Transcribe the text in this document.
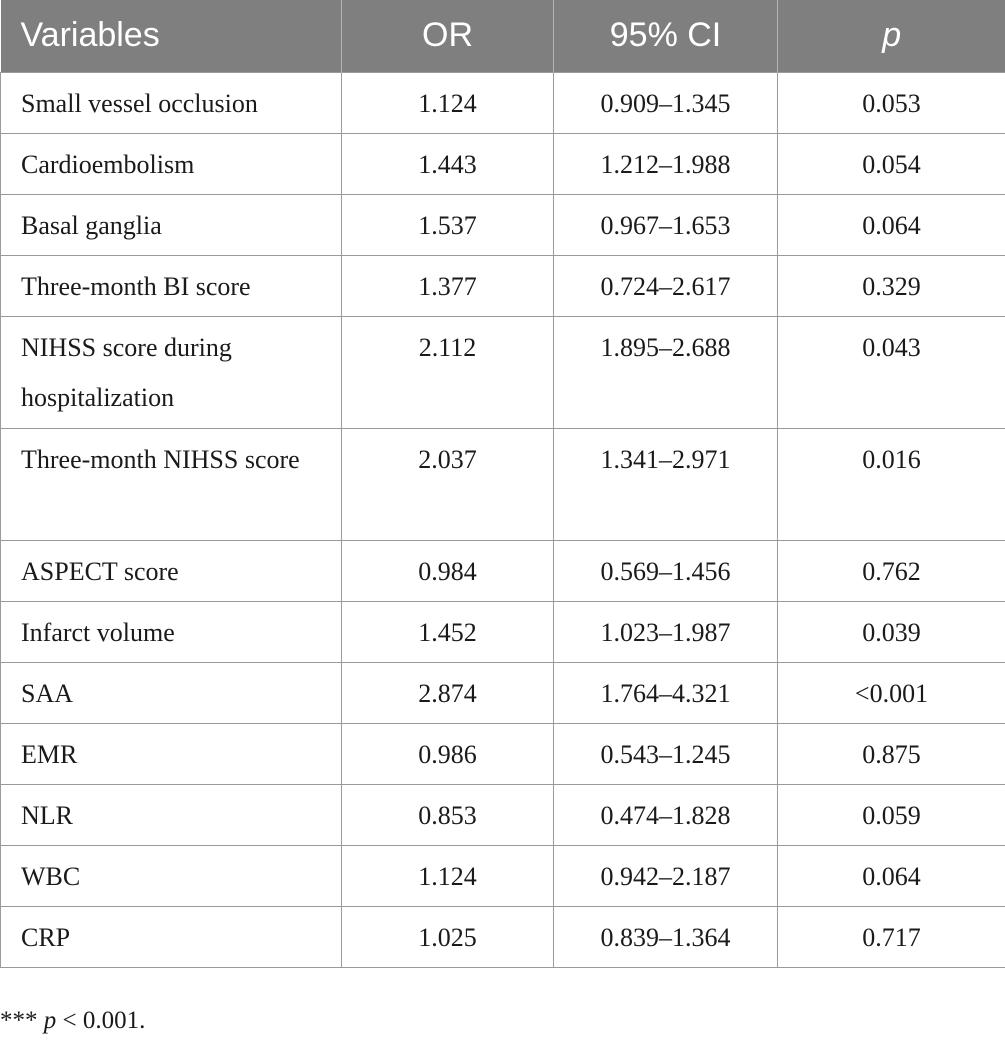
Variables	OR	95% CI	p
Small vessel occlusion	1.124	0.909–1.345	0.053
Cardioembolism	1.443	1.212–1.988	0.054
Basal ganglia	1.537	0.967–1.653	0.064
Three-month BI score	1.377	0.724–2.617	0.329
NIHSS score during hospitalization	2.112	1.895–2.688	0.043
Three-month NIHSS score	2.037	1.341–2.971	0.016
ASPECT score	0.984	0.569–1.456	0.762
Infarct volume	1.452	1.023–1.987	0.039
SAA	2.874	1.764–4.321	<0.001
EMR	0.986	0.543–1.245	0.875
NLR	0.853	0.474–1.828	0.059
WBC	1.124	0.942–2.187	0.064
CRP	1.025	0.839–1.364	0.717
*** p < 0.001.
